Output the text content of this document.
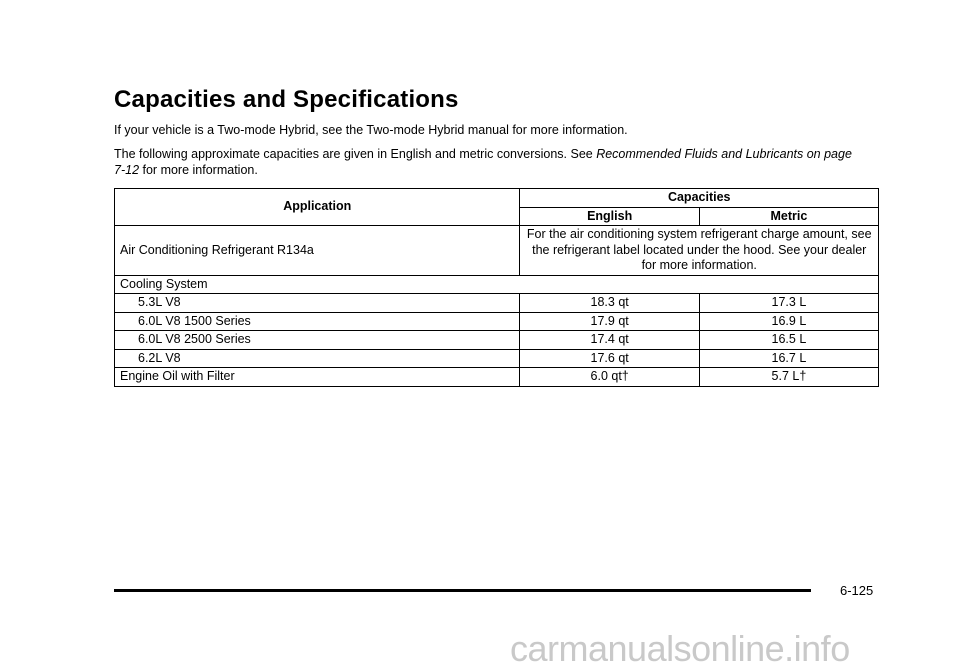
Capacities and Specifications

If your vehicle is a Two-mode Hybrid, see the Two-mode Hybrid manual for more information.

The following approximate capacities are given in English and metric conversions. See Recommended Fluids and Lubricants on page 7-12 for more information.

Application	Capacities	
	English	Metric
Air Conditioning Refrigerant R134a	For the air conditioning system refrigerant charge amount, see the refrigerant label located under the hood. See your dealer for more information.	
Cooling System		
5.3L V8	18.3 qt	17.3 L
6.0L V8 1500 Series	17.9 qt	16.9 L
6.0L V8 2500 Series	17.4 qt	16.5 L
6.2L V8	17.6 qt	16.7 L
Engine Oil with Filter	6.0 qt†	5.7 L†
6-125
carmanualsonline.info
